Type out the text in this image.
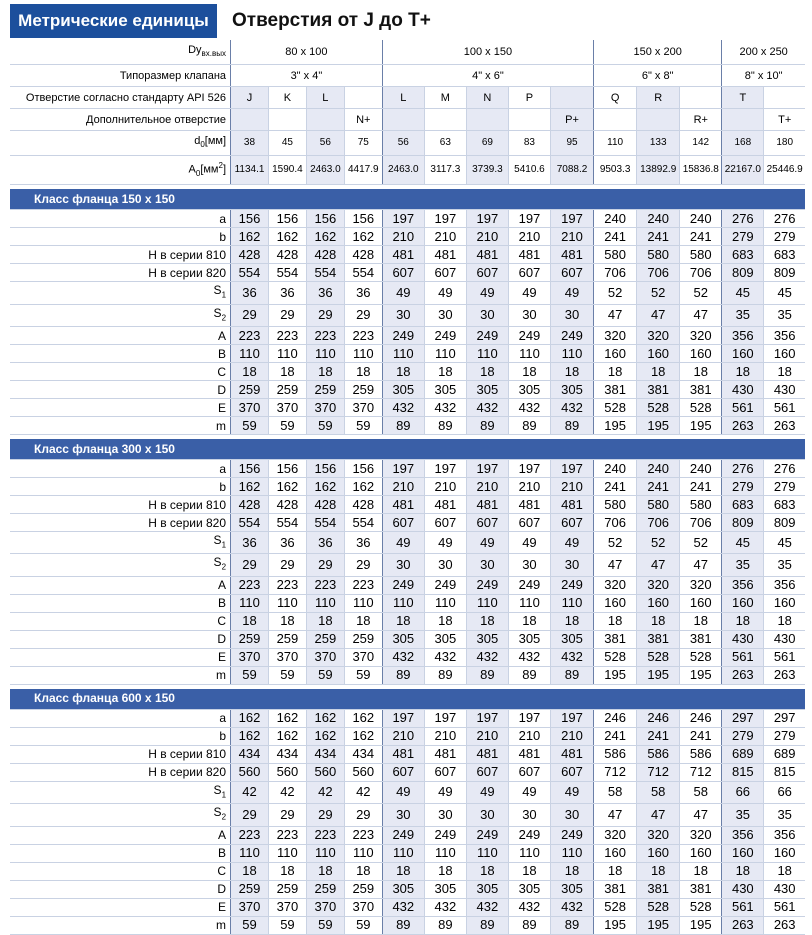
Метрические единицы	Отверстия от J до T+
$Dy_{вх.вых}$	80 x 100				100 x 150					150 x 200			200 x 250	
Типоразмер клапана	3" x 4"				4" x 6"					6" x 8"			8" x 10"	
Отверстие согласно стандарту API 526	J	K	L		L	M	N	P		Q	R		T	
Дополнительное отверстие				N+					P+			R+		T+
$d_0[мм]$	38	45	56	75	56	63	69	83	95	110	133	142	168	180
$A_0[мм^2]$	1134.1	1590.4	2463.0	4417.9	2463.0	3117.3	3739.3	5410.6	7088.2	9503.3	13892.9	15836.8	22167.0	25446.9

Класс фланца 150 x 150														
a	156	156	156	156	197	197	197	197	197	240	240	240	276	276
b	162	162	162	162	210	210	210	210	210	241	241	241	279	279
H в серии 810	428	428	428	428	481	481	481	481	481	580	580	580	683	683
H в серии 820	554	554	554	554	607	607	607	607	607	706	706	706	809	809
$S_1$	36	36	36	36	49	49	49	49	49	52	52	52	45	45
$S_2$	29	29	29	29	30	30	30	30	30	47	47	47	35	35
A	223	223	223	223	249	249	249	249	249	320	320	320	356	356
B	110	110	110	110	110	110	110	110	110	160	160	160	160	160
C	18	18	18	18	18	18	18	18	18	18	18	18	18	18
D	259	259	259	259	305	305	305	305	305	381	381	381	430	430
E	370	370	370	370	432	432	432	432	432	528	528	528	561	561
m	59	59	59	59	89	89	89	89	89	195	195	195	263	263

Класс фланца 300 x 150														
a	156	156	156	156	197	197	197	197	197	240	240	240	276	276
b	162	162	162	162	210	210	210	210	210	241	241	241	279	279
H в серии 810	428	428	428	428	481	481	481	481	481	580	580	580	683	683
H в серии 820	554	554	554	554	607	607	607	607	607	706	706	706	809	809
$S_1$	36	36	36	36	49	49	49	49	49	52	52	52	45	45
$S_2$	29	29	29	29	30	30	30	30	30	47	47	47	35	35
A	223	223	223	223	249	249	249	249	249	320	320	320	356	356
B	110	110	110	110	110	110	110	110	110	160	160	160	160	160
C	18	18	18	18	18	18	18	18	18	18	18	18	18	18
D	259	259	259	259	305	305	305	305	305	381	381	381	430	430
E	370	370	370	370	432	432	432	432	432	528	528	528	561	561
m	59	59	59	59	89	89	89	89	89	195	195	195	263	263

Класс фланца 600 x 150														
a	162	162	162	162	197	197	197	197	197	246	246	246	297	297
b	162	162	162	162	210	210	210	210	210	241	241	241	279	279
H в серии 810	434	434	434	434	481	481	481	481	481	586	586	586	689	689
H в серии 820	560	560	560	560	607	607	607	607	607	712	712	712	815	815
$S_1$	42	42	42	42	49	49	49	49	49	58	58	58	66	66
$S_2$	29	29	29	29	30	30	30	30	30	47	47	47	35	35
A	223	223	223	223	249	249	249	249	249	320	320	320	356	356
B	110	110	110	110	110	110	110	110	110	160	160	160	160	160
C	18	18	18	18	18	18	18	18	18	18	18	18	18	18
D	259	259	259	259	305	305	305	305	305	381	381	381	430	430
E	370	370	370	370	432	432	432	432	432	528	528	528	561	561
m	59	59	59	59	89	89	89	89	89	195	195	195	263	263
